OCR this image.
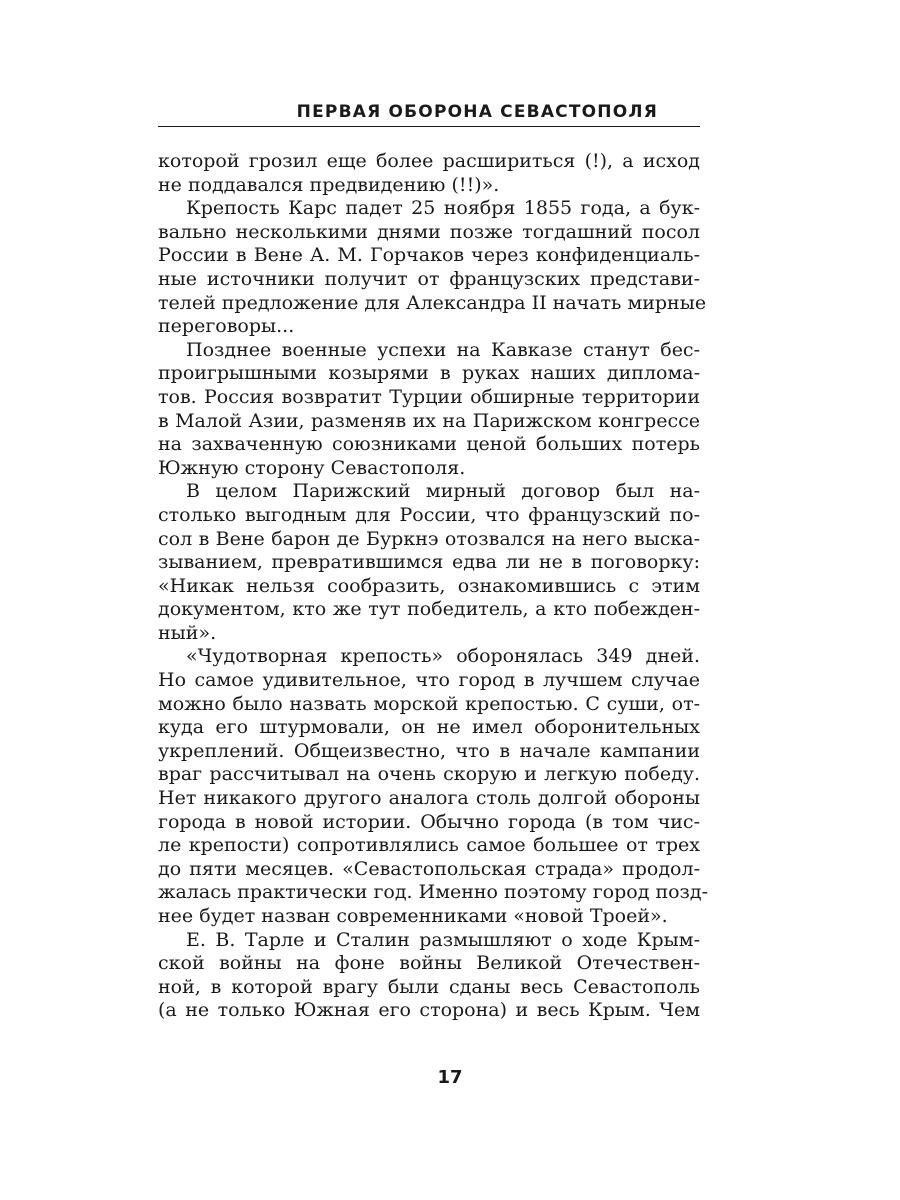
ПЕРВАЯ ОБОРОНА СЕВАСТОПОЛЯ

которой грозил еще более расшириться (!), а исход
не поддавался предвидению (!!)».

Крепость Карс падет 25 ноября 1855 года, а бук-
вально несколькими днями позже тогдашний посол
России в Вене А. М. Горчаков через конфиденциаль-
ные источники получит от французских представи-
телей предложение для Александра II начать мирные
переговоры...

Позднее военные успехи на Кавказе станут бес-
проигрышными козырями в руках наших диплома-
тов. Россия возвратит Турции обширные территории
в Малой Азии, разменяв их на Парижском конгрессе
на захваченную союзниками ценой больших потерь
Южную сторону Севастополя.

В целом Парижский мирный договор был на-
столько выгодным для России, что французский по-
сол в Вене барон де Буркнэ отозвался на него выска-
зыванием, превратившимся едва ли не в поговорку:
«Никак нельзя сообразить, ознакомившись с этим
документом, кто же тут победитель, а кто побежден-
ный».

«Чудотворная крепость» оборонялась 349 дней.
Но самое удивительное, что город в лучшем случае
можно было назвать морской крепостью. С суши, от-
куда его штурмовали, он не имел оборонительных
укреплений. Общеизвестно, что в начале кампании
враг рассчитывал на очень скорую и легкую победу.
Нет никакого другого аналога столь долгой обороны
города в новой истории. Обычно города (в том чис-
ле крепости) сопротивлялись самое большее от трех
до пяти месяцев. «Севастопольская страда» продол-
жалась практически год. Именно поэтому город позд-
нее будет назван современниками «новой Троей».

Е. В. Тарле и Сталин размышляют о ходе Крым-
ской войны на фоне войны Великой Отечествен-
ной, в которой врагу были сданы весь Севастополь
(а не только Южная его сторона) и весь Крым. Чем

17
